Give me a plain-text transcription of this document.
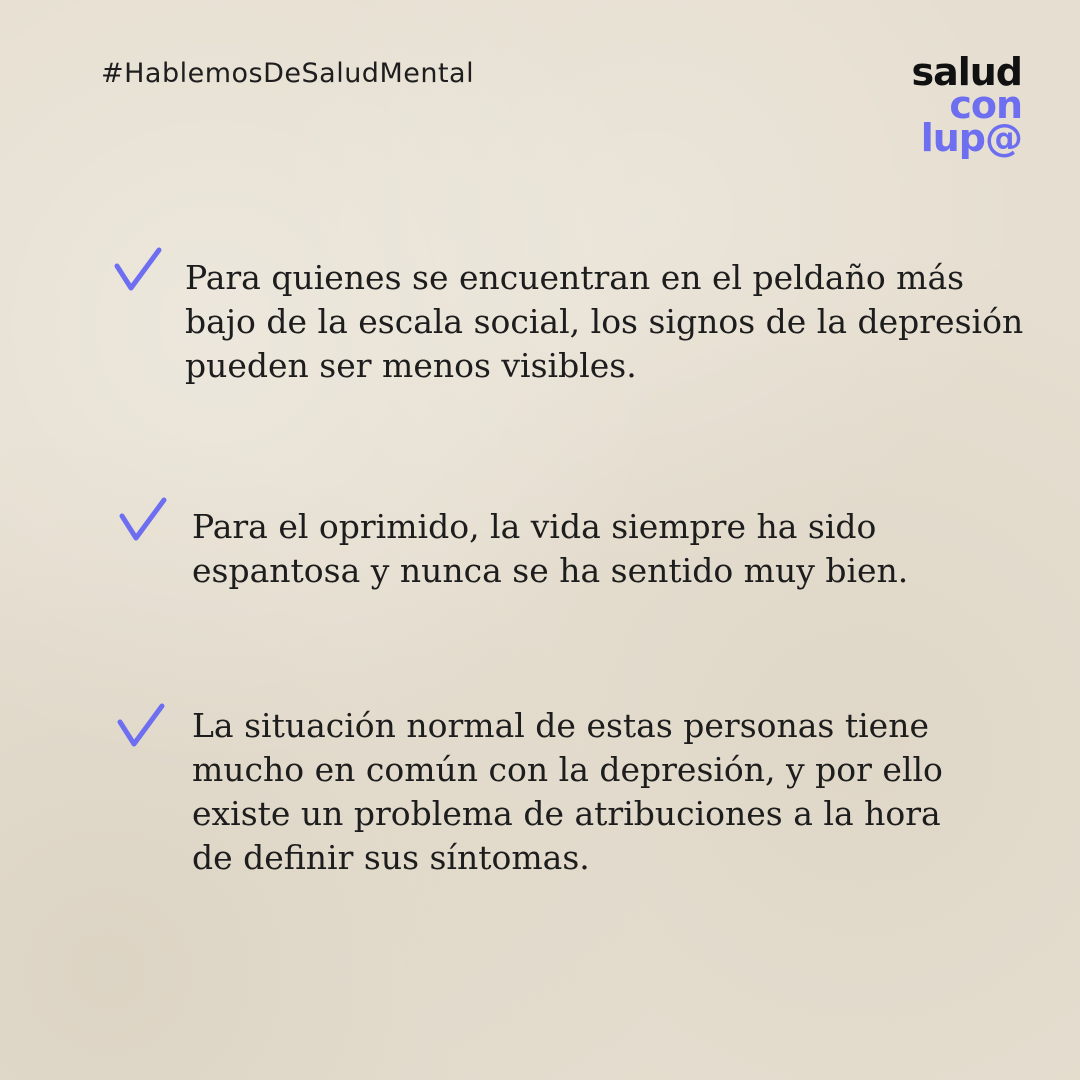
#HablemosDeSaludMental	salud
con
lup@
Para quienes se encuentran en el peldaño más
bajo de la escala social, los signos de la depresión
pueden ser menos visibles.
Para el oprimido, la vida siempre ha sido
espantosa y nunca se ha sentido muy bien.
La situación normal de estas personas tiene
mucho en común con la depresión, y por ello
existe un problema de atribuciones a la hora
de definir sus síntomas.
